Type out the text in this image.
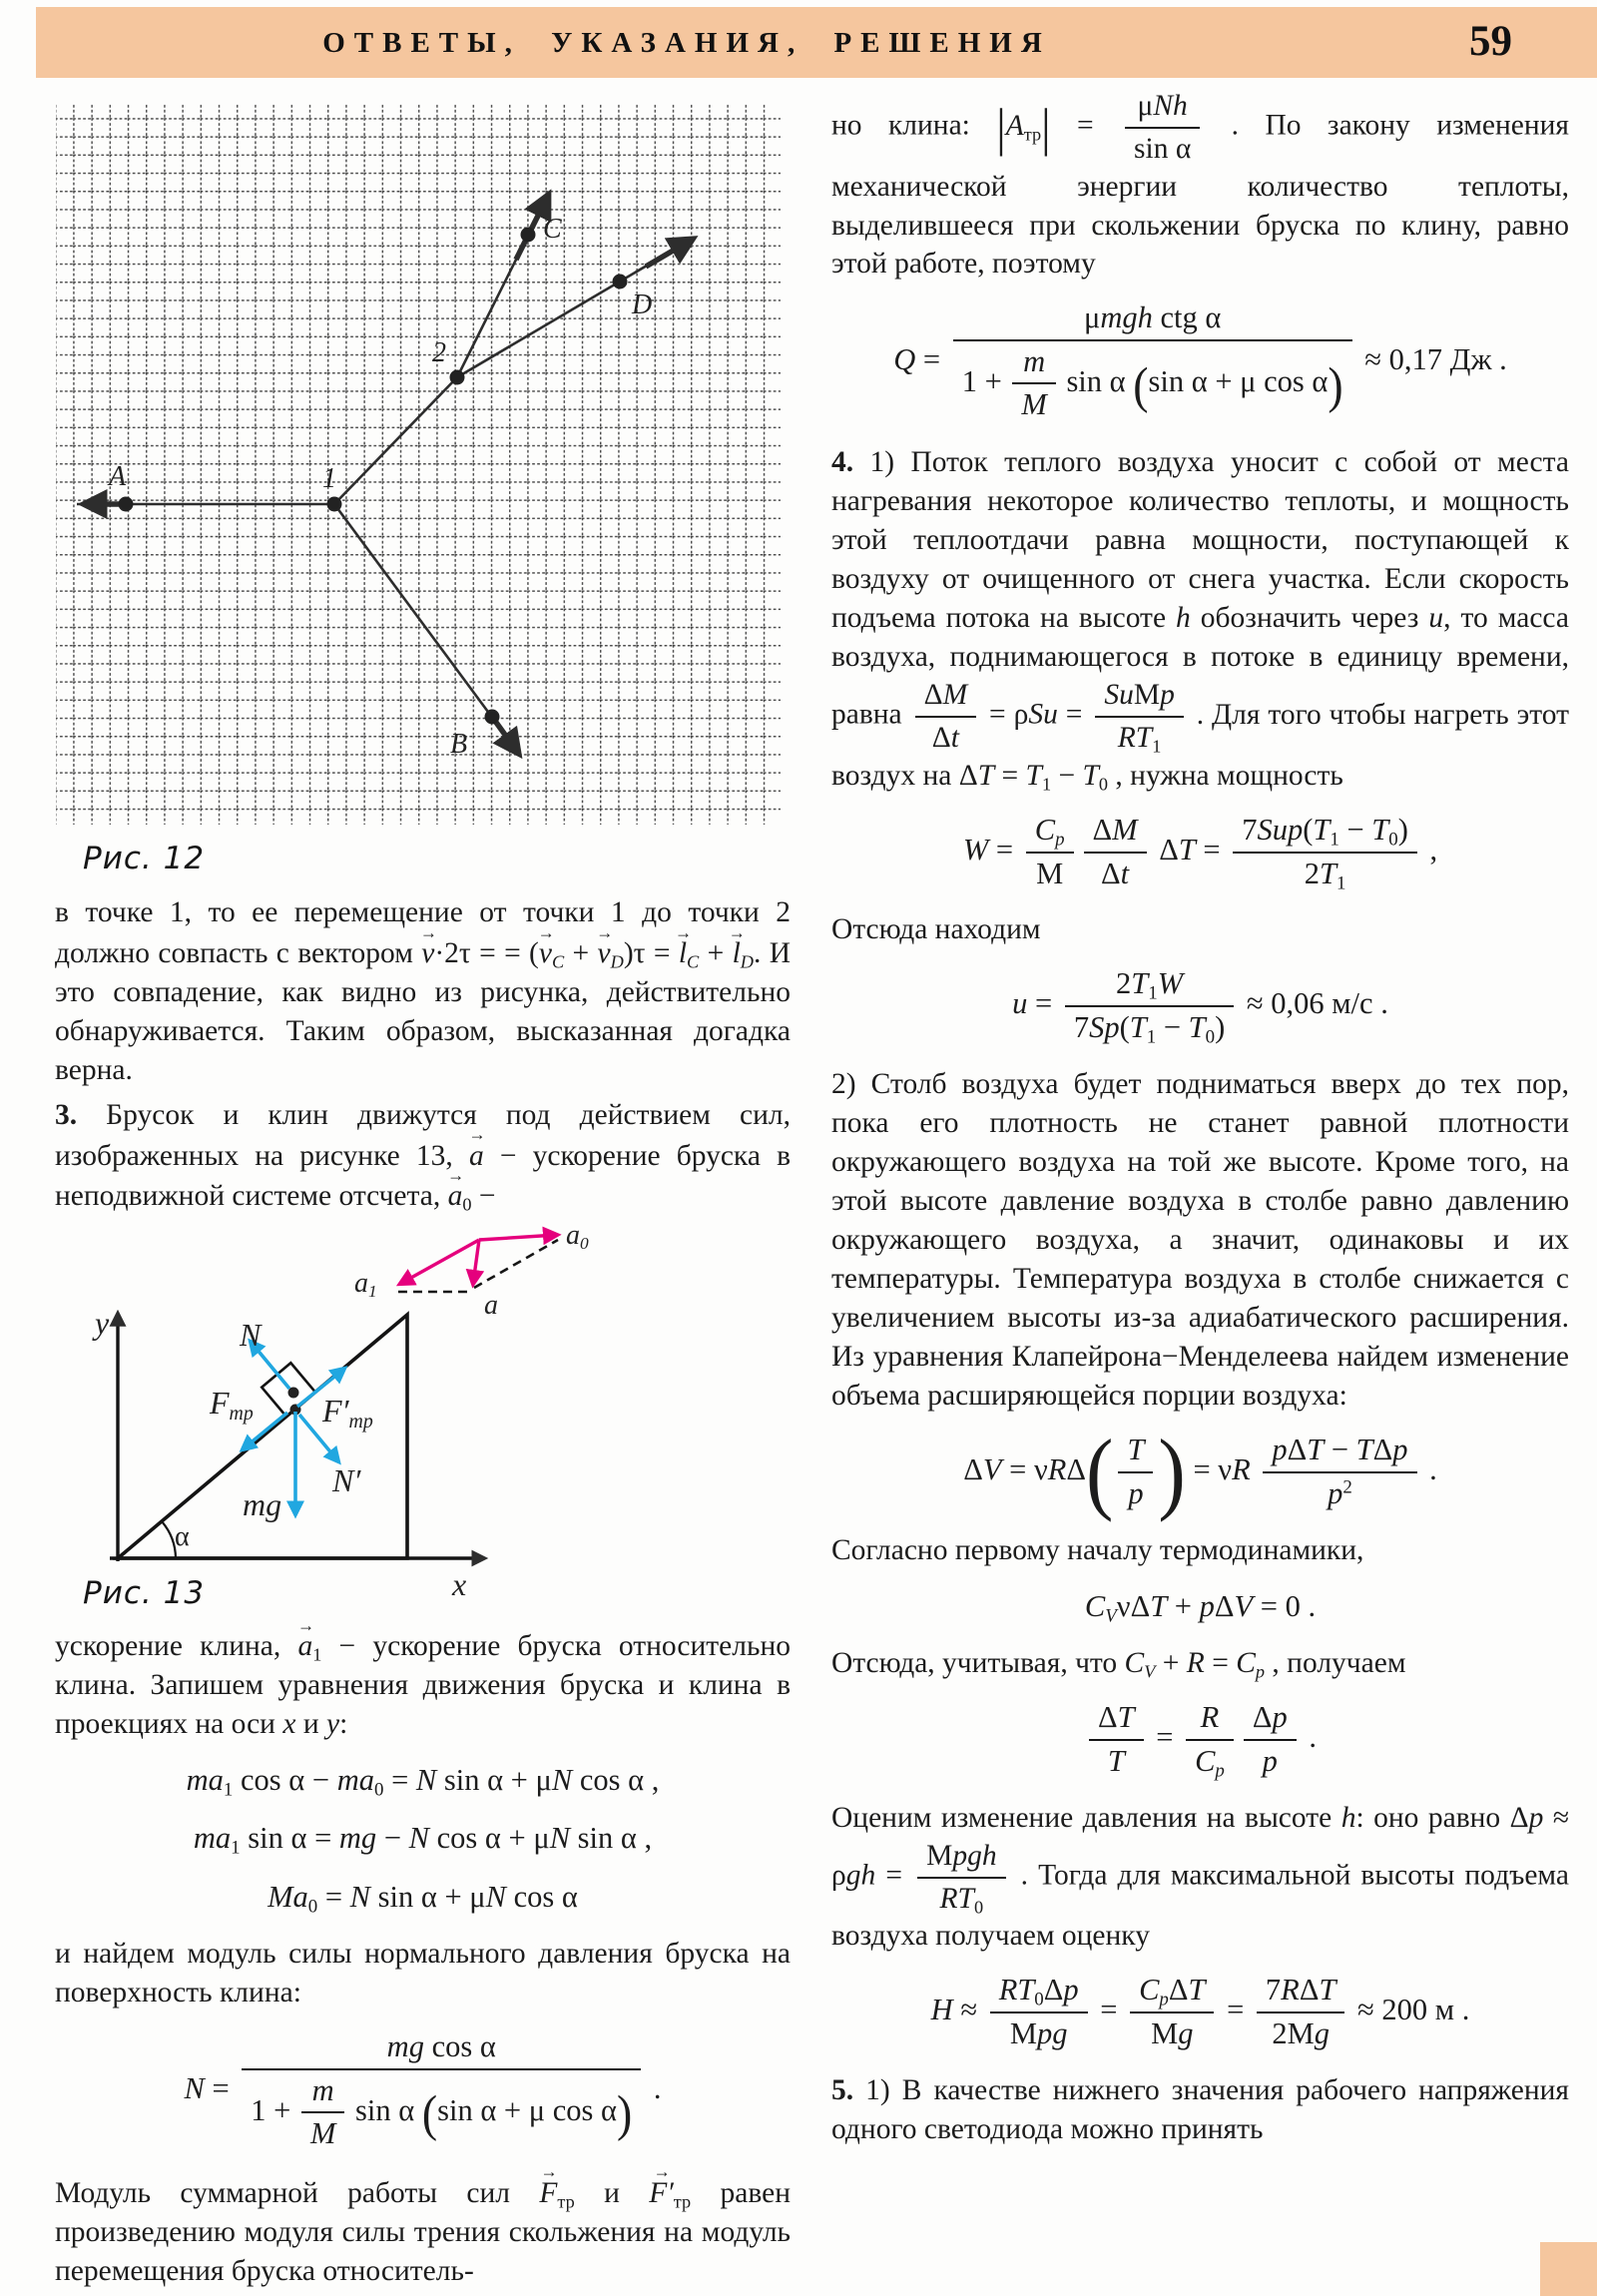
ОТВЕТЫ, УКАЗАНИЯ, РЕШЕНИЯ	59
A	1
2
C
D
B
Рис. 12

в точке 1, то ее перемещение от точки 1 до точки 2 должно совпасть с вектором
→
v·2τ = = (
→
$v_C$ +
→
$v_D)\tau$ =
→
$l_C$ +
→
$l_D$. И это совпадение, как видно из рисунка, действительно обнаруживается. Таким образом, высказанная догадка верна.

3. Брусок и клин движутся под действием сил, изображенных на рисунке 13,
→
a − ускорение бруска в неподвижной системе отсчета,
→
$a_0$ −

$a_1$	a
$a_0$
N
$F_{тр}$ $F'_{тр}$
N′
mg
α
y
x
Рис. 13

ускорение клина,
→
$a_1$ − ускорение бруска относительно клина. Запишем уравнения движения бруска и клина в проекциях на оси x и y:

$ma_1$ $\cos \alpha - ma_0 = N$ sin α + μN cos α ,
$ma_1$ sin α = mg − N cos α + μN sin α ,
$Ma_0 = N$ sin α + μN cos α

и найдем модуль силы нормального давления бруска на поверхность клина:

$N = \frac{\text{mg cos α}}{1 + \frac{m}{M} \sin \alpha (\sin \alpha + \mu \cos \alpha)}$ .

Модуль суммарной работы сил
→
$F_{тр}$ и
→
$F'_{тр}$ равен произведению модуля силы трения скольжения на модуль перемещения бруска относитель-

но клина: $|A_{тр}| = \frac{\text{μNh}}{\text{sin α}}$ . По закону изменения механической энергии количество теплоты, выделившееся при скольжении бруска по клину, равно этой работе, поэтому

$Q = \frac{\text{μmgh ctg α}}{1 + \frac{m}{M} \sin \alpha (\sin \alpha + \mu \cos \alpha)} \approx 0,17$ Дж .

4. 1) Поток теплого воздуха уносит с собой от места нагревания некоторое количество теплоты, и мощность этой теплоотдачи равна мощности, поступающей к воздуху от очищенного от снега участка. Если скорость подъема потока на высоте h обозначить через u, то масса воздуха, поднимающегося в потоке в единицу времени, равна $\frac{\Delta M}{\Delta t} = \rho Su = \frac{\text{SuМp}}{RT_1}$ . Для того чтобы нагреть этот воздух на $\Delta T = T_1 - T_0$ , нужна мощность

$W = \frac{C_p}{М} \frac{\Delta M}{\Delta t}$ $\Delta T = \frac{7Sup(T_1 - T_0)}{2T_1}$ ,

Отсюда находим

$u = \frac{2T_1W}{7Sp(T_1 - T_0)} \approx 0,06$ м/с .

2) Столб воздуха будет подниматься вверх до тех пор, пока его плотность не станет равной плотности окружающего воздуха на той же высоте. Кроме того, на этой высоте давление воздуха в столбе равно давлению окружающего воздуха, а значит, одинаковы и их температуры. Температура воздуха в столбе снижается с увеличением высоты из-за адиабатического расширения. Из уравнения Клапейрона−Менделеева найдем изменение объема расширяющейся порции воздуха:

$\Delta V = \nu R\Delta( \frac{T}{p}$ ) = νR $\frac{\text{pΔT − TΔp}}{p^2}$ .

Согласно первому началу термодинамики,

$C_V\nu\Delta T + p\Delta V = 0$ .

Отсюда, учитывая, что $C_V + R = C_p$ , получаем

$\frac{\Delta T}{T} = \frac{R}{C_p} \frac{\Delta p}{p}$ .

Оценим изменение давления на высоте h: оно равно $\Delta p \approx \rho gh = \frac{\text{Мpgh}}{RT_0}$ . Тогда для максимальной высоты подъема воздуха получаем оценку

$H \approx \frac{RT_0\Delta p}{\text{Мpg}} = \frac{C_p\Delta T}{Мg} = \frac{\text{7RΔT}}{2Мg} \approx 200$ м .

5. 1) В качестве нижнего значения рабочего напряжения одного светодиода можно принять
